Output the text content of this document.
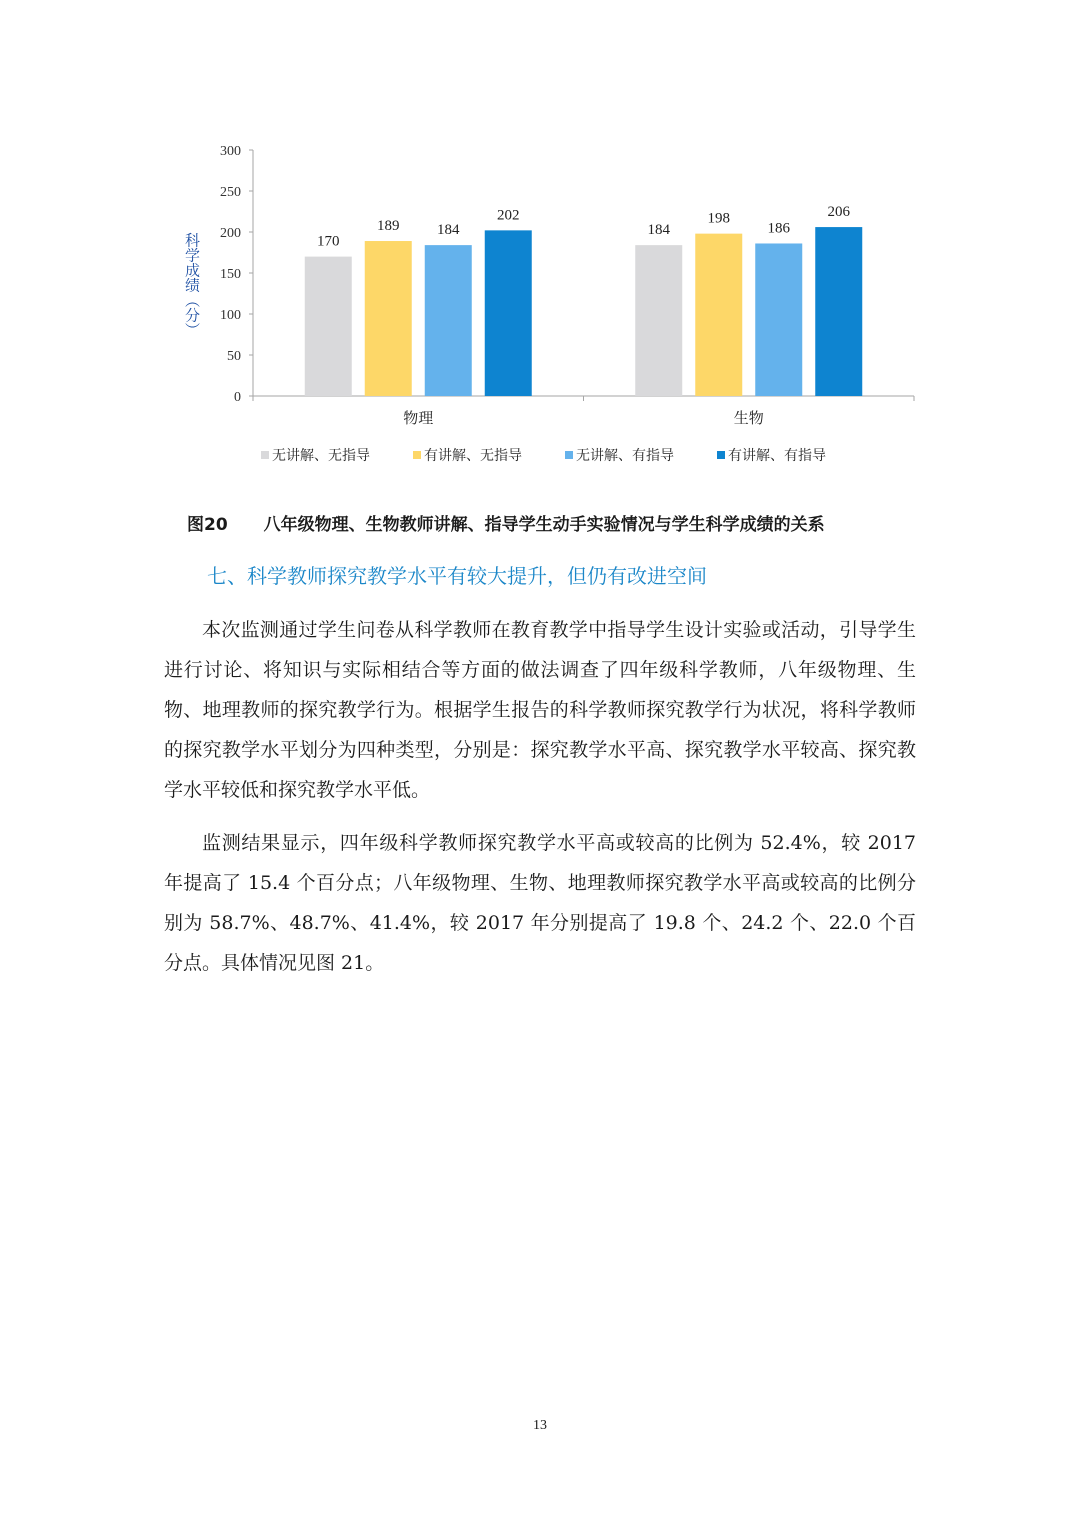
0
50
100
150
200
250
300
科学成绩（分）	170
189	184
202
物理
184
198
186
206
生物
无讲解、无指导	有讲解、无指导	无讲解、有指导	有讲解、有指导
图20 八年级物理、生物教师讲解、指导学生动手实验情况与学生科学成绩的关系
七、科学教师探究教学水平有较大提升，但仍有改进空间

本次监测通过学生问卷从科学教师在教育教学中指导学生设计实验或活动，引导学生进行讨论、将知识与实际相结合等方面的做法调查了四年级科学教师，八年级物理、生物、地理教师的探究教学行为。根据学生报告的科学教师探究教学行为状况，将科学教师的探究教学水平划分为四种类型，分别是：探究教学水平高、探究教学水平较高、探究教学水平较低和探究教学水平低。

监测结果显示，四年级科学教师探究教学水平高或较高的比例为 52.4%，较 2017 年提高了 15.4 个百分点；八年级物理、生物、地理教师探究教学水平高或较高的比例分别为 58.7%、48.7%、41.4%，较 2017 年分别提高了 19.8 个、24.2 个、22.0 个百分点。具体情况见图 21。

13
